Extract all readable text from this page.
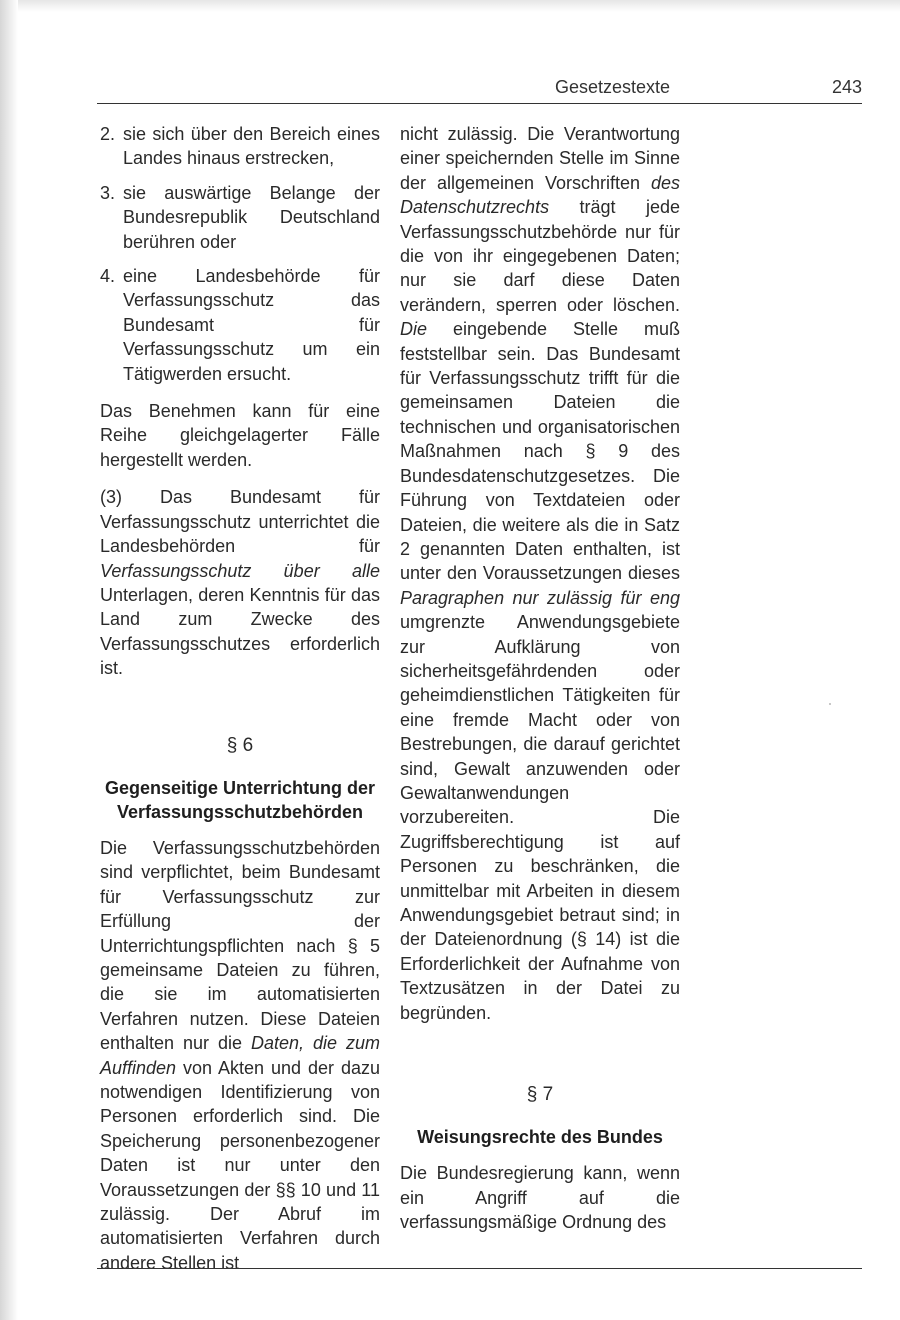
Gesetzestexte	243
2. sie sich über den Bereich eines Landes hinaus erstrecken,
3. sie auswärtige Belange der Bundesrepublik Deutschland berühren oder
4. eine Landesbehörde für Verfassungsschutz das Bundesamt für Verfassungsschutz um ein Tätigwerden ersucht.

Das Benehmen kann für eine Reihe gleichgelagerter Fälle hergestellt werden.

(3) Das Bundesamt für Verfassungsschutz unterrichtet die Landesbehörden für Verfassungsschutz über alle Unterlagen, deren Kenntnis für das Land zum Zwecke des Verfassungsschutzes erforderlich ist.

§ 6
Gegenseitige Unterrichtung der Verfassungsschutzbehörden

Die Verfassungsschutzbehörden sind verpflichtet, beim Bundesamt für Verfassungsschutz zur Erfüllung der Unterrichtungspflichten nach § 5 gemeinsame Dateien zu führen, die sie im automatisierten Verfahren nutzen. Diese Dateien enthalten nur die Daten, die zum Auffinden von Akten und der dazu notwendigen Identifizierung von Personen erforderlich sind. Die Speicherung personenbezogener Daten ist nur unter den Voraussetzungen der §§ 10 und 11 zulässig. Der Abruf im automatisierten Verfahren durch andere Stellen ist

nicht zulässig. Die Verantwortung einer speichernden Stelle im Sinne der allgemeinen Vorschriften des Datenschutzrechts trägt jede Verfassungsschutzbehörde nur für die von ihr eingegebenen Daten; nur sie darf diese Daten verändern, sperren oder löschen. Die eingebende Stelle muß feststellbar sein. Das Bundesamt für Verfassungsschutz trifft für die gemeinsamen Dateien die technischen und organisatorischen Maßnahmen nach § 9 des Bundesdatenschutzgesetzes. Die Führung von Textdateien oder Dateien, die weitere als die in Satz 2 genannten Daten enthalten, ist unter den Voraussetzungen dieses Paragraphen nur zulässig für eng umgrenzte Anwendungsgebiete zur Aufklärung von sicherheitsgefährdenden oder geheimdienstlichen Tätigkeiten für eine fremde Macht oder von Bestrebungen, die darauf gerichtet sind, Gewalt anzuwenden oder Gewaltanwendungen vorzubereiten. Die Zugriffsberechtigung ist auf Personen zu beschränken, die unmittelbar mit Arbeiten in diesem Anwendungsgebiet betraut sind; in der Dateienordnung (§ 14) ist die Erforderlichkeit der Aufnahme von Textzusätzen in der Datei zu begründen.

§ 7
Weisungsrechte des Bundes

Die Bundesregierung kann, wenn ein Angriff auf die verfassungsmäßige Ordnung des
